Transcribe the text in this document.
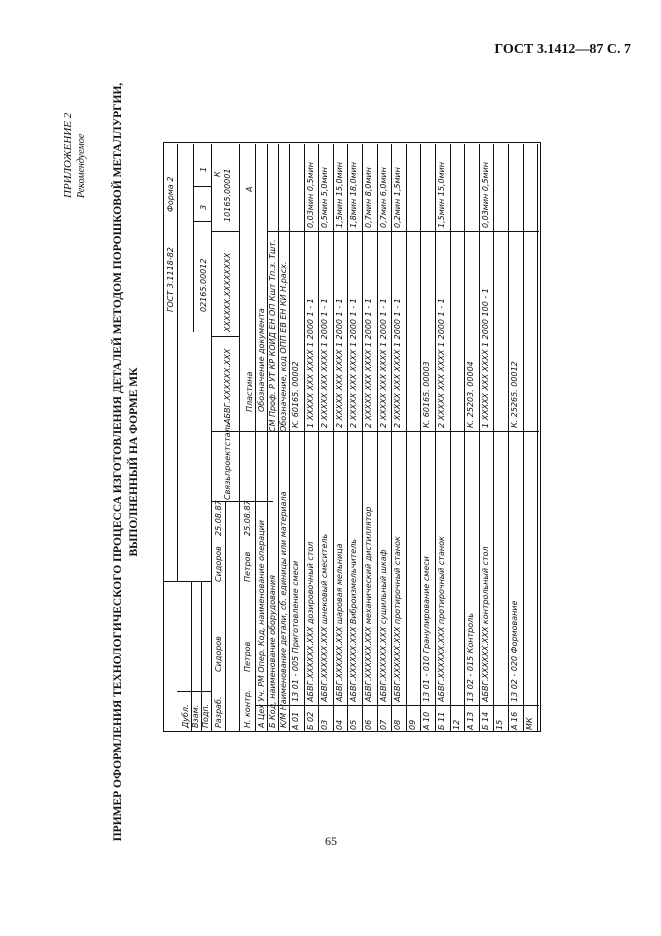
ГОСТ 3.1412—87 С. 7
ПРИЛОЖЕНИЕ 2 Рекомендуемое ПРИМЕР ОФОРМЛЕНИЯ ТЕХНОЛОГИЧЕСКОГО ПРОЦЕССА ИЗГОТОВЛЕНИЯ ДЕТАЛЕЙ МЕТОДОМ ПОРОШКОВОЙ МЕТАЛЛУРГИИ, ВЫПОЛНЕННЫЙ НА ФОРМЕ МК
65
ГОСТ 3.1118-82
Форма 2
Дубл. Взам. Подп.
02165.00012
3
1
Разраб.
Сидоров
Сидоров
25.08.87
Связьпроектсталь
АБВГ.XXXXXX.XXX
XXXXXX.XXXXXXXX
10165.00001
К
Н. контр.
Петров
Петров
25.08.87
Пластина
А
А Цех Уч. РМ Опер. Код, наименование операции
Обозначение документа
Б Код, наименование оборудования
СМ Проф. Р УТ КР КОИД ЕН ОП Кшт Тп.з. Тшт.
К/М Наименование детали, сб. единицы или материала
Обозначение, код ОПП ЕВ ЕН КИ Н.расх.
А 01
13 01 - 005 Приготовление смеси
К. 60165. 00002
Б 02
АБВГ.XXXXXX.XXX дозировочный стол
1 XXXXX XXX XXXX 1 2000 1 - 1
0,03мин 0,5мин
03
АБВГ.XXXXXX.XXX шнековый смеситель
2 XXXXX XXX XXXX 1 2000 1 - 1
0,5мин 5,0мин
04
АБВГ.XXXXXX.XXX шаровая мельница
2 XXXXX XXX XXXX 1 2000 1 - 1
1,5мин 15,0мин
05
АБВГ.XXXXXX.XXX Виброизмельчитель
2 XXXXX XXX XXXX 1 2000 1 - 1
1,8мин 18,0мин
06
АБВГ.XXXXXX.XXX механический дистиллятор
2 XXXXX XXX XXXX 1 2000 1 - 1
0,7мин 8,0мин
07
АБВГ.XXXXXX.XXX сушильный шкаф
2 XXXXX XXX XXXX 1 2000 1 - 1
0,7мин 6,0мин
08
АБВГ.XXXXXX.XXX протирочный станок
2 XXXXX XXX XXXX 1 2000 1 - 1
0,2мин 1,5мин
09 А 10
13 01 - 010 Гранулирование смеси
К. 60165. 00003
Б 11
АБВГ.XXXXXX.XXX протирочный станок
2 XXXXX XXX XXXX 1 2000 1 - 1
1,5мин 15,0мин
12 А 13
13 02 - 015 Контроль
К. 25203. 00004
Б 14
АБВГ.XXXXXX.XXX контрольный стол
1 XXXXX XXX XXXX 1 2000 100 - 1
0,03мин 0,5мин
15 А 16
13 02 - 020 Формование
К. 25265. 00012
МК
